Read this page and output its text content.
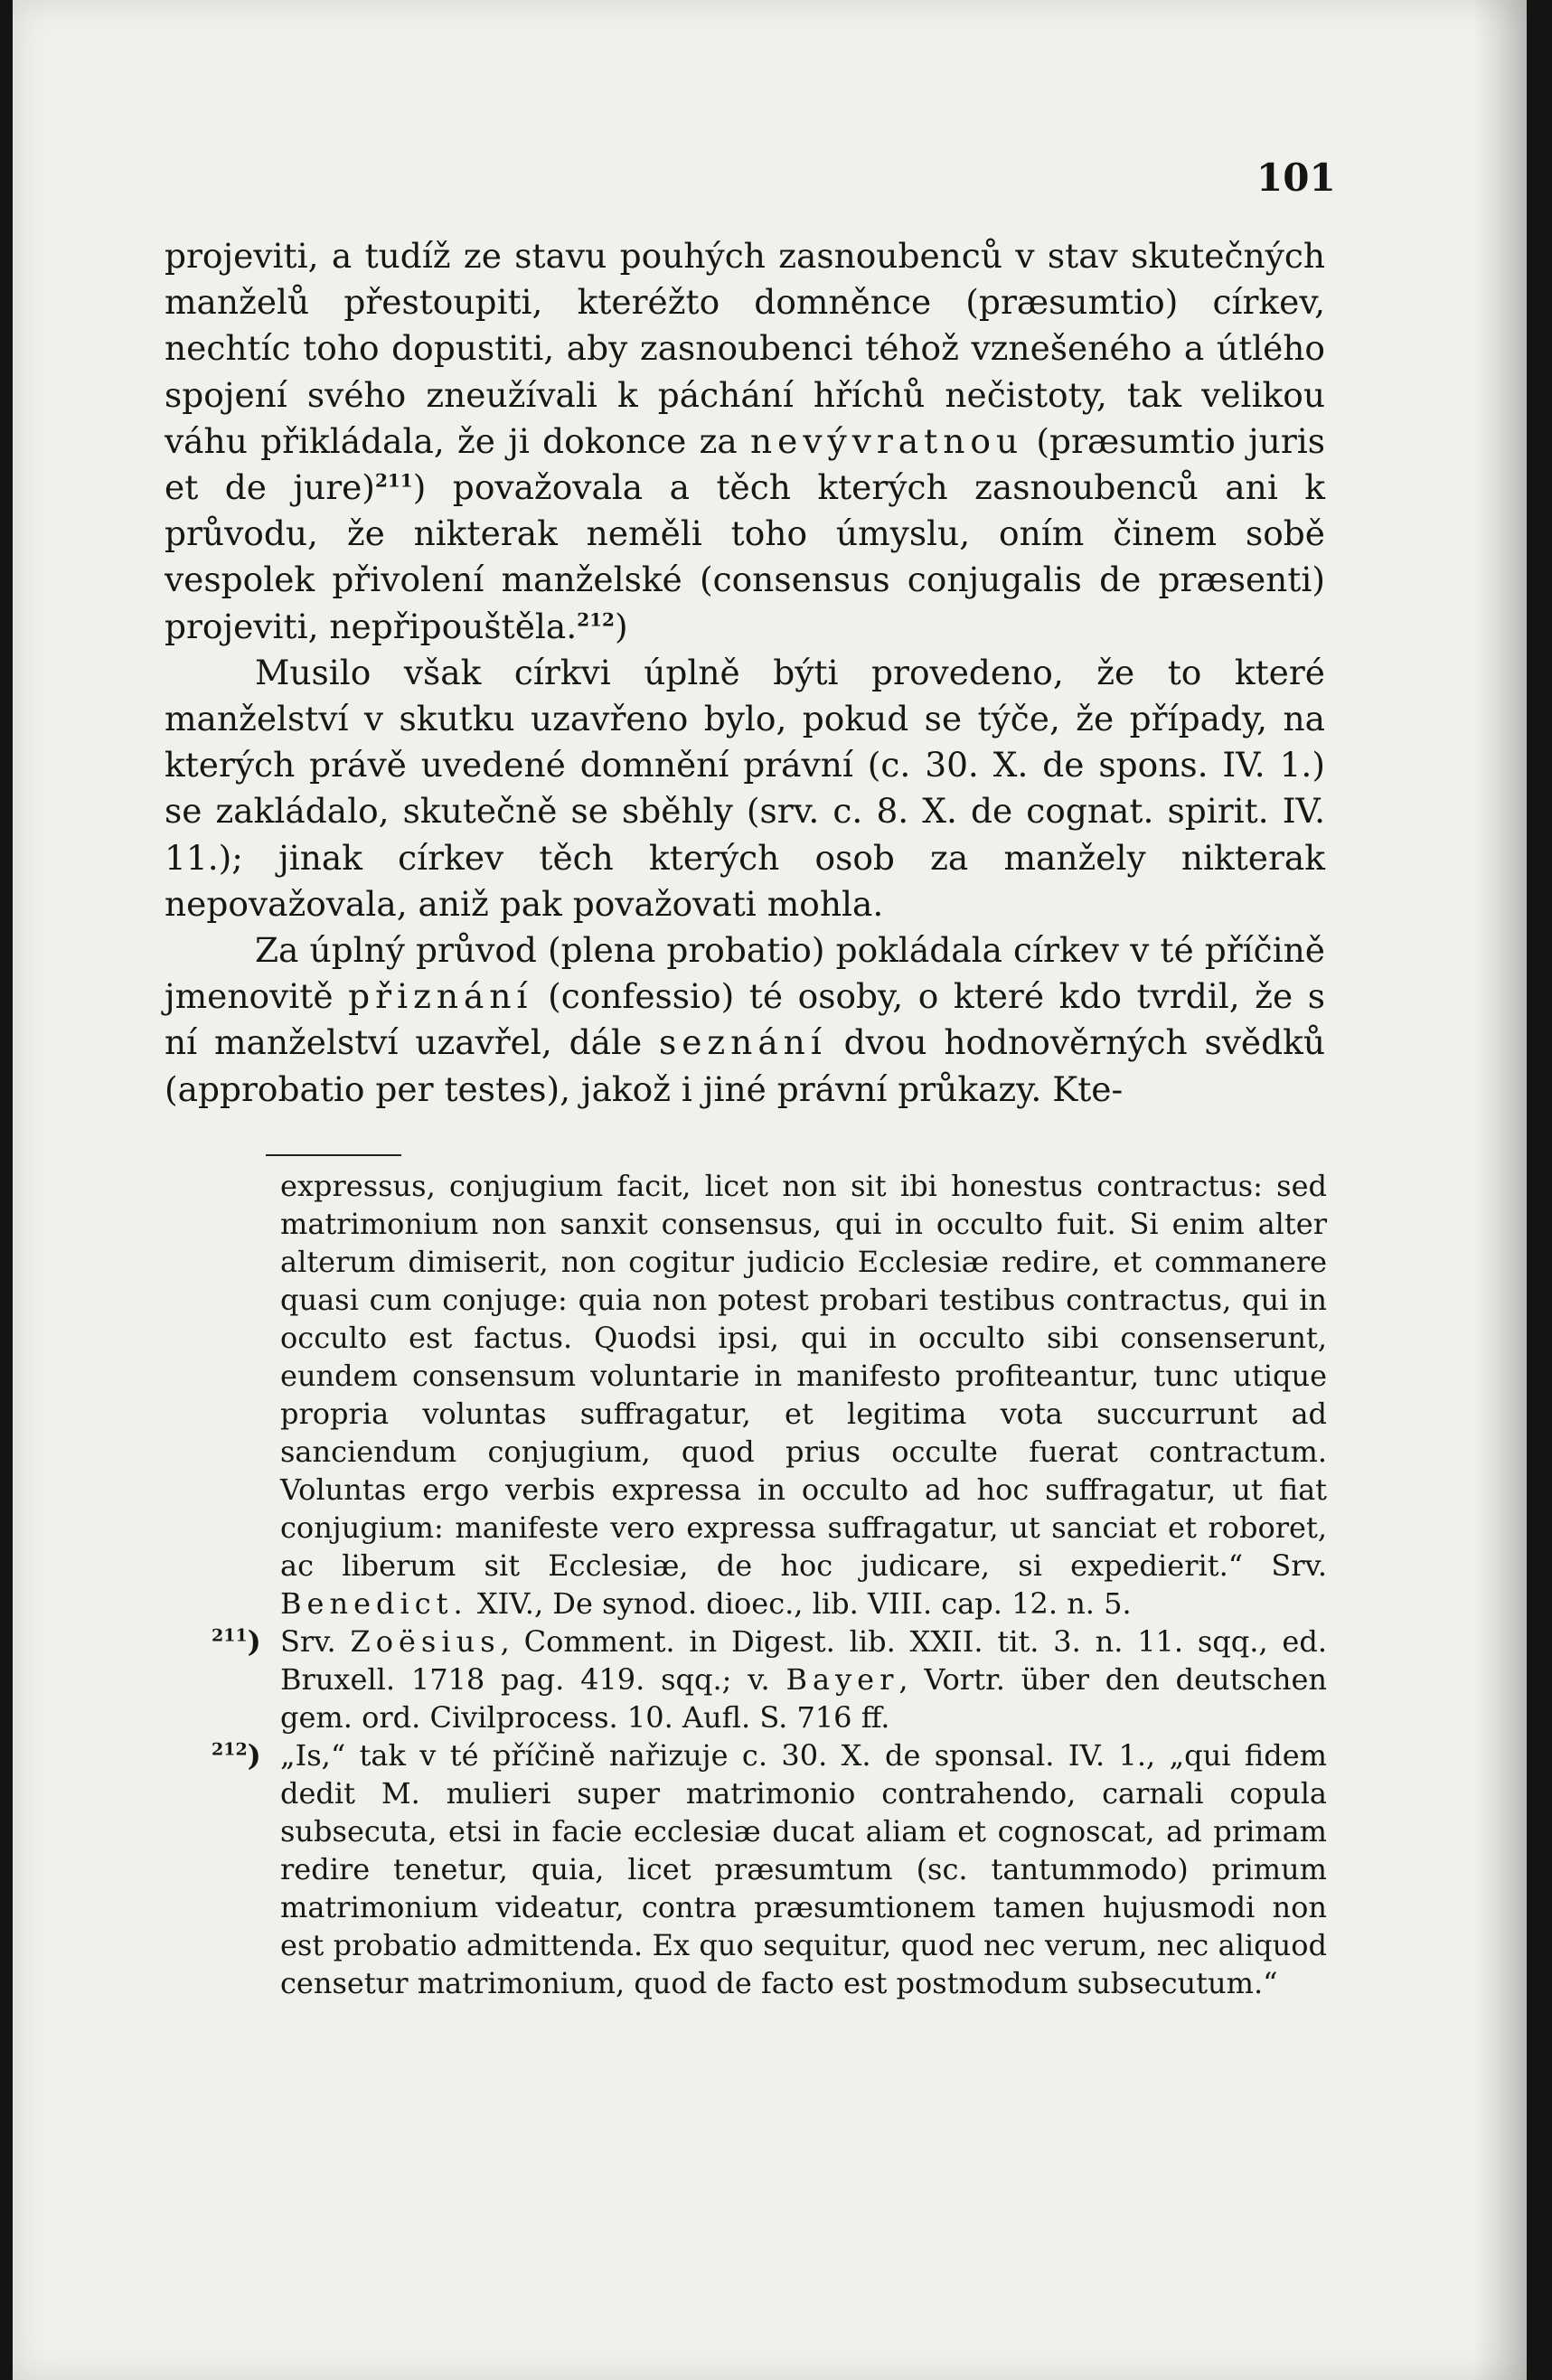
101

projeviti, a tudíž ze stavu pouhých zasnoubenců v stav skutečných manželů přestoupiti, kteréžto domněnce (præsumtio) církev, nechtíc toho dopustiti, aby zasnoubenci téhož vznešeného a útlého spojení svého zneužívali k páchání hříchů nečistoty, tak velikou váhu přikládala, že ji dokonce za nevývratnou (præsumtio juris et de jure)$^{211}$) považovala a těch kterých zasnoubenců ani k průvodu, že nikterak neměli toho úmyslu, oním činem sobě vespolek přivolení manželské (consensus conjugalis de præsenti) projeviti, nepřipouštěla.$^{212}$)

Musilo však církvi úplně býti provedeno, že to které manželství v skutku uzavřeno bylo, pokud se týče, že případy, na kterých právě uvedené domnění právní (c. 30. X. de spons. IV. 1.) se zakládalo, skutečně se sběhly (srv. c. 8. X. de cognat. spirit. IV. 11.); jinak církev těch kterých osob za manžely nikterak nepovažovala, aniž pak považovati mohla.

Za úplný průvod (plena probatio) pokládala církev v té příčině jmenovitě přiznání (confessio) té osoby, o které kdo tvrdil, že s ní manželství uzavřel, dále seznání dvou hodnověrných svědků (approbatio per testes), jakož i jiné právní průkazy. Kte-

expressus, conjugium facit, licet non sit ibi honestus contractus: sed matrimonium non sanxit consensus, qui in occulto fuit. Si enim alter alterum dimiserit, non cogitur judicio Ecclesiæ redire, et commanere quasi cum conjuge: quia non potest probari testibus contractus, qui in occulto est factus. Quodsi ipsi, qui in occulto sibi consenserunt, eundem consensum voluntarie in manifesto profiteantur, tunc utique propria voluntas suffragatur, et legitima vota succurrunt ad sanciendum conjugium, quod prius occulte fuerat contractum. Voluntas ergo verbis expressa in occulto ad hoc suffragatur, ut fiat conjugium: manifeste vero expressa suffragatur, ut sanciat et roboret, ac liberum sit Ecclesiæ, de hoc judicare, si expedierit.“ Srv. Benedict. XIV., De synod. dioec., lib. VIII. cap. 12. n. 5.

$^{211}$) Srv. Zoësius, Comment. in Digest. lib. XXII. tit. 3. n. 11. sqq., ed. Bruxell. 1718 pag. 419. sqq.; v. Bayer, Vortr. über den deutschen gem. ord. Civilprocess. 10. Aufl. S. 716 ff.

$^{212}$) „Is,“ tak v té příčině nařizuje c. 30. X. de sponsal. IV. 1., „qui fidem dedit M. mulieri super matrimonio contrahendo, carnali copula subsecuta, etsi in facie ecclesiæ ducat aliam et cognoscat, ad primam redire tenetur, quia, licet præsumtum (sc. tantummodo) primum matrimonium videatur, contra præsumtionem tamen hujusmodi non est probatio admittenda. Ex quo sequitur, quod nec verum, nec aliquod censetur matrimonium, quod de facto est postmodum subsecutum.“
